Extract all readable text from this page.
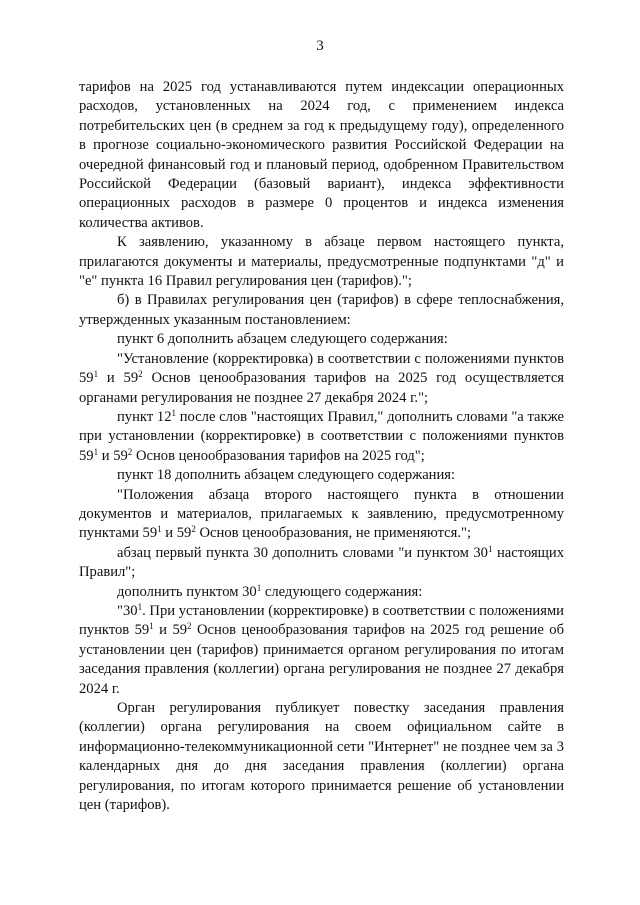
3

тарифов на 2025 год устанавливаются путем индексации операционных расходов, установленных на 2024 год, с применением индекса потребительских цен (в среднем за год к предыдущему году), определенного в прогнозе социально-экономического развития Российской Федерации на очередной финансовый год и плановый период, одобренном Правительством Российской Федерации (базовый вариант), индекса эффективности операционных расходов в размере 0 процентов и индекса изменения количества активов.

К заявлению, указанному в абзаце первом настоящего пункта, прилагаются документы и материалы, предусмотренные подпунктами "д" и "е" пункта 16 Правил регулирования цен (тарифов).";

б) в Правилах регулирования цен (тарифов) в сфере теплоснабжения, утвержденных указанным постановлением:

пункт 6 дополнить абзацем следующего содержания:

"Установление (корректировка) в соответствии с положениями пунктов $59^1$ и $59^2$ Основ ценообразования тарифов на 2025 год осуществляется органами регулирования не позднее 27 декабря 2024 г.";

пункт $12^1$ после слов "настоящих Правил," дополнить словами "а также при установлении (корректировке) в соответствии с положениями пунктов $59^1$ и $59^2$ Основ ценообразования тарифов на 2025 год";

пункт 18 дополнить абзацем следующего содержания:

"Положения абзаца второго настоящего пункта в отношении документов и материалов, прилагаемых к заявлению, предусмотренному пунктами $59^1$ и $59^2$ Основ ценообразования, не применяются.";

абзац первый пункта 30 дополнить словами "и пунктом $30^1$ настоящих Правил";

дополнить пунктом $30^1$ следующего содержания:

"$30^1$. При установлении (корректировке) в соответствии с положениями пунктов $59^1$ и $59^2$ Основ ценообразования тарифов на 2025 год решение об установлении цен (тарифов) принимается органом регулирования по итогам заседания правления (коллегии) органа регулирования не позднее 27 декабря 2024 г.

Орган регулирования публикует повестку заседания правления (коллегии) органа регулирования на своем официальном сайте в информационно-телекоммуникационной сети "Интернет" не позднее чем за 3 календарных дня до дня заседания правления (коллегии) органа регулирования, по итогам которого принимается решение об установлении цен (тарифов).
